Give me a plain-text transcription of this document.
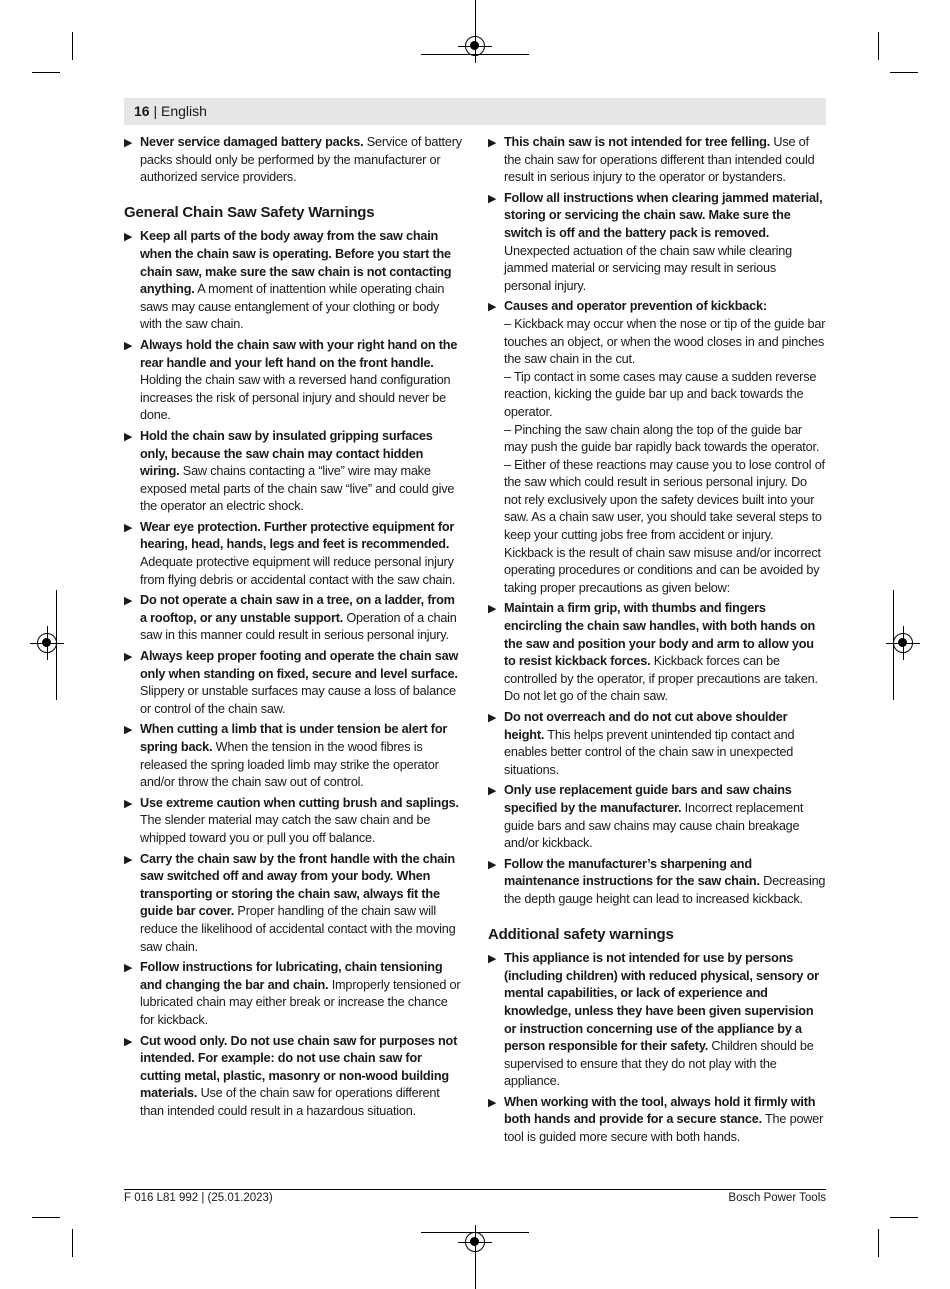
16 | English
▶ Never service damaged battery packs. Service of battery packs should only be performed by the manufacturer or authorized service providers.

General Chain Saw Safety Warnings
▶ Keep all parts of the body away from the saw chain when the chain saw is operating. Before you start the chain saw, make sure the saw chain is not contacting anything. A moment of inattention while operating chain saws may cause entanglement of your clothing or body with the saw chain.

▶ Always hold the chain saw with your right hand on the rear handle and your left hand on the front handle. Holding the chain saw with a reversed hand configuration increases the risk of personal injury and should never be done.

▶ Hold the chain saw by insulated gripping surfaces only, because the saw chain may contact hidden wiring. Saw chains contacting a “live” wire may make exposed metal parts of the chain saw “live” and could give the operator an electric shock.

▶ Wear eye protection. Further protective equipment for hearing, head, hands, legs and feet is recommended. Adequate protective equipment will reduce personal injury from flying debris or accidental contact with the saw chain.

▶ Do not operate a chain saw in a tree, on a ladder, from a rooftop, or any unstable support. Operation of a chain saw in this manner could result in serious personal injury.

▶ Always keep proper footing and operate the chain saw only when standing on fixed, secure and level surface. Slippery or unstable surfaces may cause a loss of balance or control of the chain saw.

▶ When cutting a limb that is under tension be alert for spring back. When the tension in the wood fibres is released the spring loaded limb may strike the operator and/or throw the chain saw out of control.

▶ Use extreme caution when cutting brush and saplings. The slender material may catch the saw chain and be whipped toward you or pull you off balance.

▶ Carry the chain saw by the front handle with the chain saw switched off and away from your body. When transporting or storing the chain saw, always fit the guide bar cover. Proper handling of the chain saw will reduce the likelihood of accidental contact with the moving saw chain.

▶ Follow instructions for lubricating, chain tensioning and changing the bar and chain. Improperly tensioned or lubricated chain may either break or increase the chance for kickback.

▶ Cut wood only. Do not use chain saw for purposes not intended. For example: do not use chain saw for cutting metal, plastic, masonry or non-wood building materials. Use of the chain saw for operations different than intended could result in a hazardous situation.

▶ This chain saw is not intended for tree felling. Use of the chain saw for operations different than intended could result in serious injury to the operator or bystanders.

▶ Follow all instructions when clearing jammed material, storing or servicing the chain saw. Make sure the switch is off and the battery pack is removed. Unexpected actuation of the chain saw while clearing jammed material or servicing may result in serious personal injury.

▶ Causes and operator prevention of kickback:

– Kickback may occur when the nose or tip of the guide bar touches an object, or when the wood closes in and pinches the saw chain in the cut.

– Tip contact in some cases may cause a sudden reverse reaction, kicking the guide bar up and back towards the operator.

– Pinching the saw chain along the top of the guide bar may push the guide bar rapidly back towards the operator.

– Either of these reactions may cause you to lose control of the saw which could result in serious personal injury. Do not rely exclusively upon the safety devices built into your saw. As a chain saw user, you should take several steps to keep your cutting jobs free from accident or injury.

Kickback is the result of chain saw misuse and/or incorrect operating procedures or conditions and can be avoided by taking proper precautions as given below:

▶ Maintain a firm grip, with thumbs and fingers encircling the chain saw handles, with both hands on the saw and position your body and arm to allow you to resist kickback forces. Kickback forces can be controlled by the operator, if proper precautions are taken. Do not let go of the chain saw.

▶ Do not overreach and do not cut above shoulder height. This helps prevent unintended tip contact and enables better control of the chain saw in unexpected situations.

▶ Only use replacement guide bars and saw chains specified by the manufacturer. Incorrect replacement guide bars and saw chains may cause chain breakage and/or kickback.

▶ Follow the manufacturer’s sharpening and maintenance instructions for the saw chain. Decreasing the depth gauge height can lead to increased kickback.

Additional safety warnings
▶ This appliance is not intended for use by persons (including children) with reduced physical, sensory or mental capabilities, or lack of experience and knowledge, unless they have been given supervision or instruction concerning use of the appliance by a person responsible for their safety. Children should be supervised to ensure that they do not play with the appliance.

▶ When working with the tool, always hold it firmly with both hands and provide for a secure stance. The power tool is guided more secure with both hands.

F 016 L81 992 | (25.01.2023)	Bosch Power Tools
